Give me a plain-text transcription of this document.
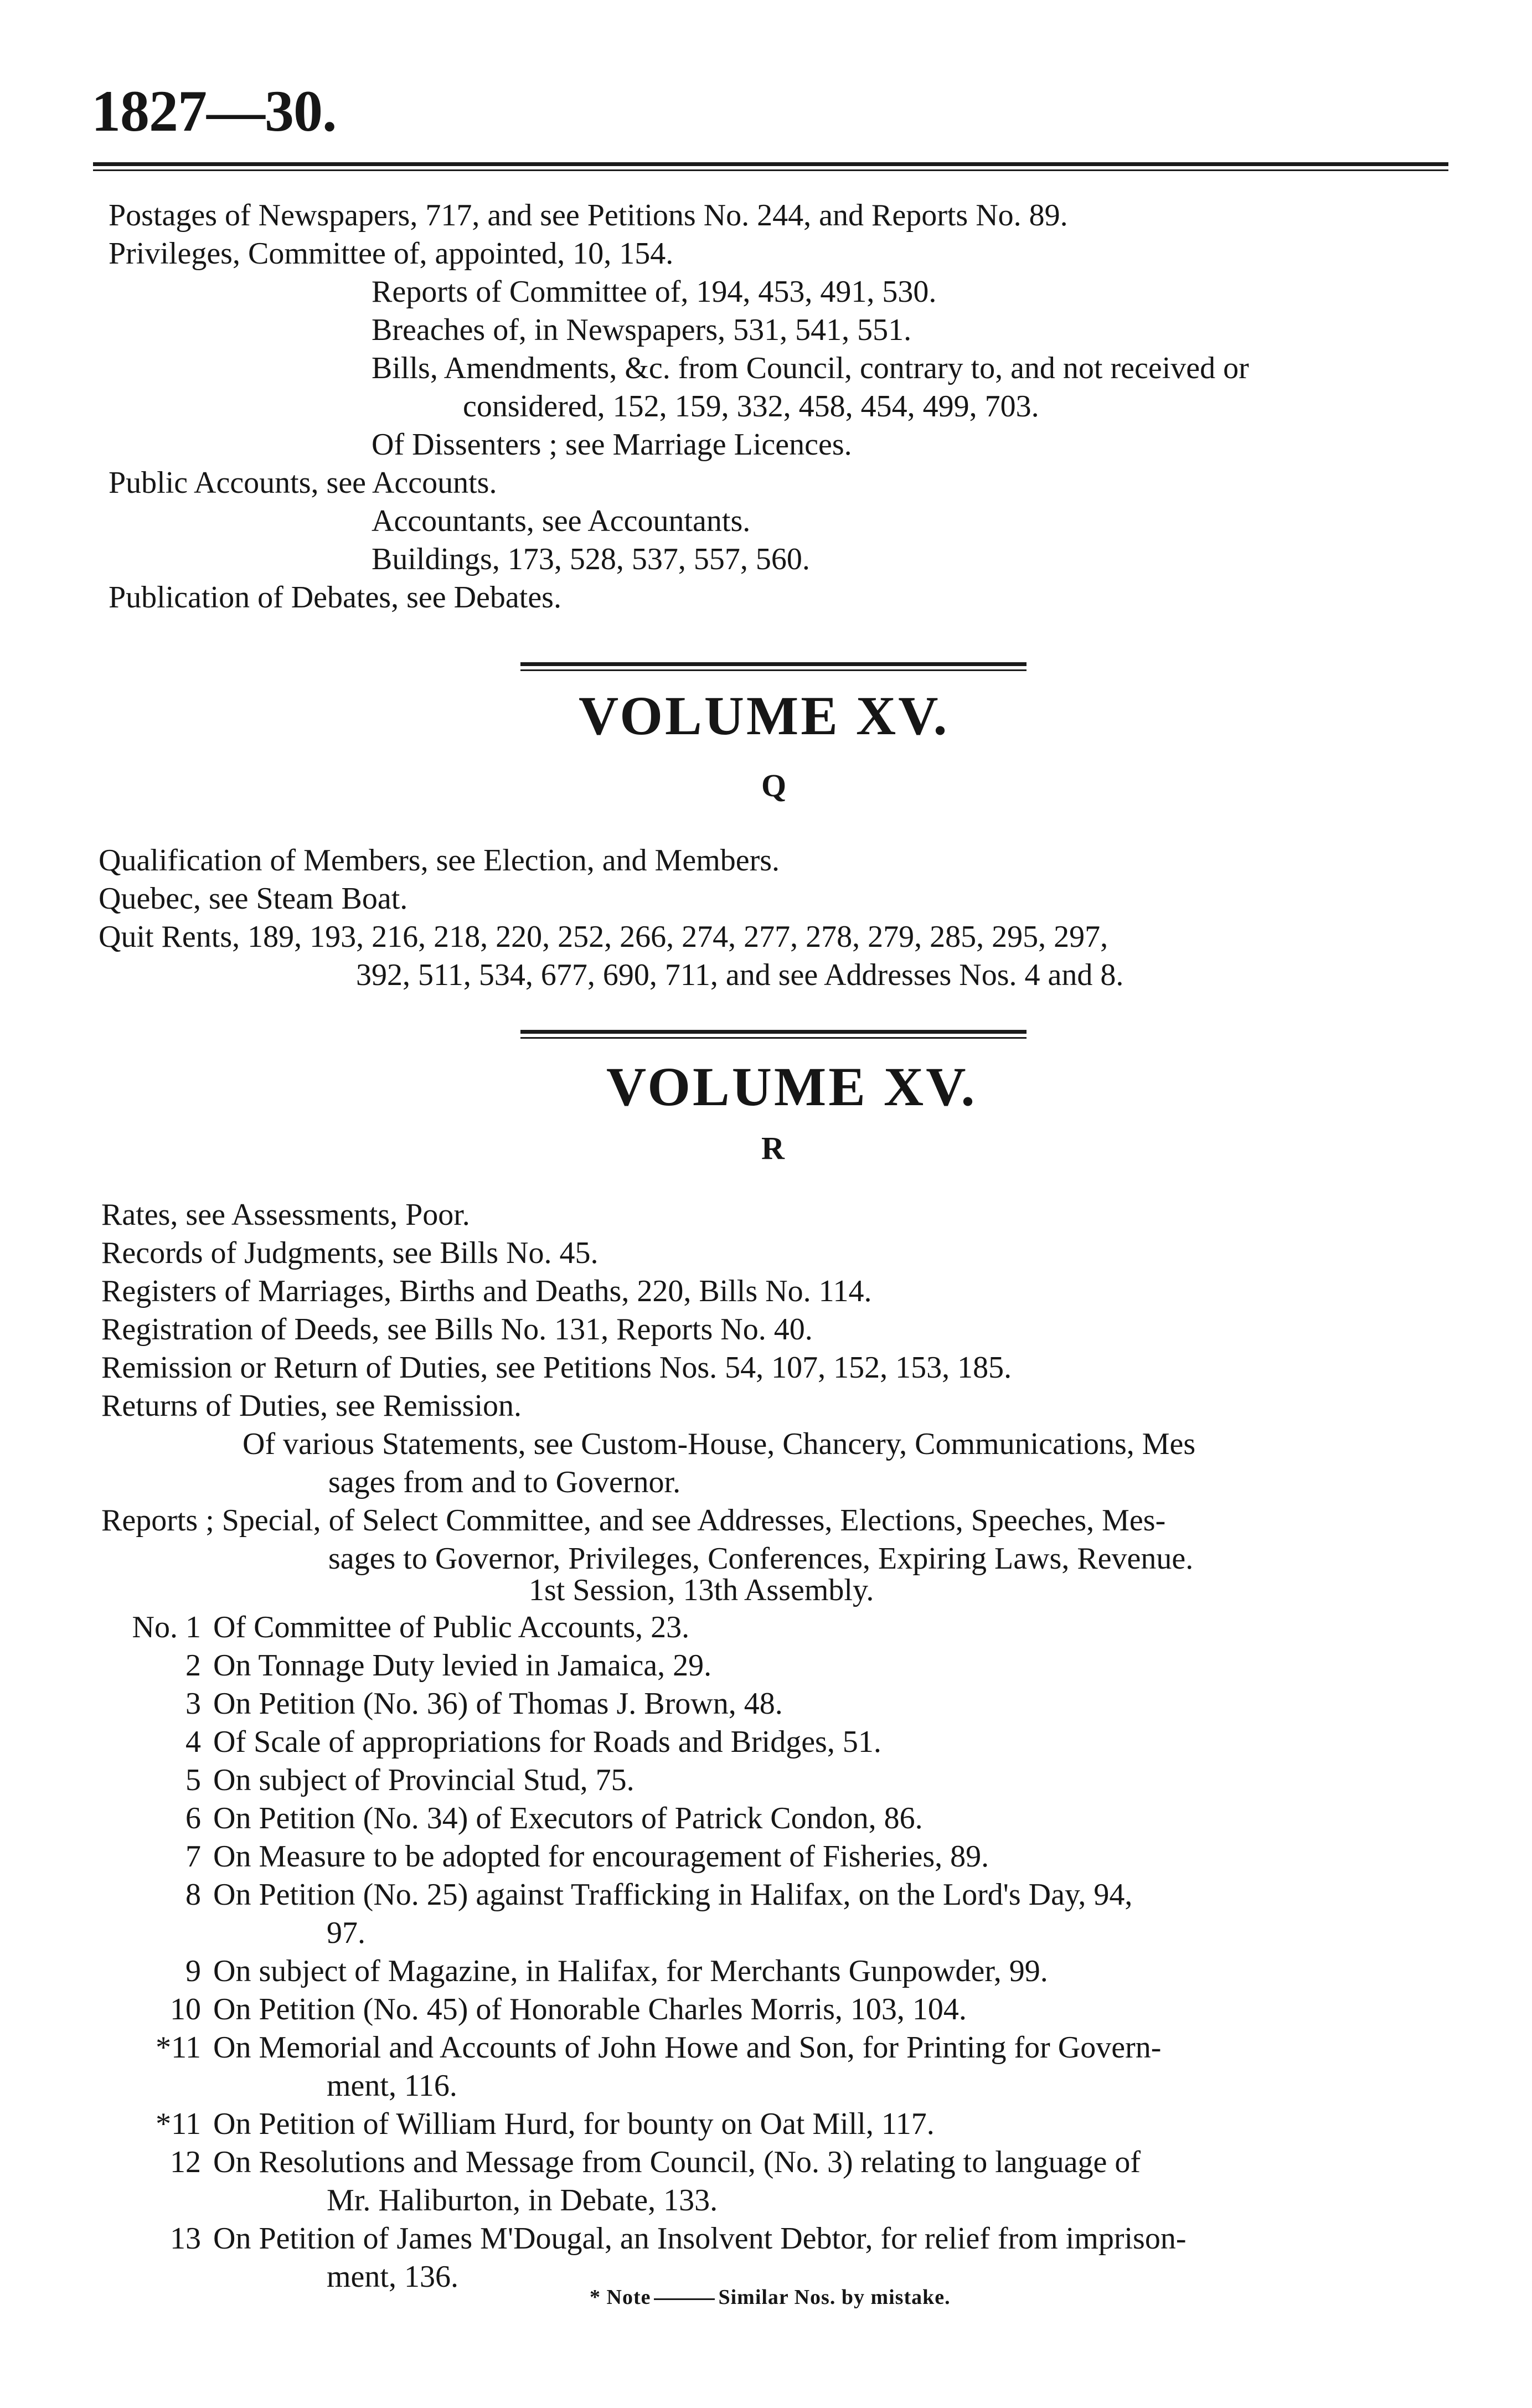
1827—30.
Postages of Newspapers, 717, and see Petitions No. 244, and Reports No. 89.
Privileges, Committee of, appointed, 10, 154.
Reports of Committee of, 194, 453, 491, 530.
Breaches of, in Newspapers, 531, 541, 551.
Bills, Amendments, &c. from Council, contrary to, and not received or
considered, 152, 159, 332, 458, 454, 499, 703.
Of Dissenters ; see Marriage Licences.
Public Accounts, see Accounts.
Accountants, see Accountants.
Buildings, 173, 528, 537, 557, 560.
Publication of Debates, see Debates.
VOLUME XV.
Q
Qualification of Members, see Election, and Members.
Quebec, see Steam Boat.
Quit Rents, 189, 193, 216, 218, 220, 252, 266, 274, 277, 278, 279, 285, 295, 297,
392, 511, 534, 677, 690, 711, and see Addresses Nos. 4 and 8.
VOLUME XV.
R
Rates, see Assessments, Poor.
Records of Judgments, see Bills No. 45.
Registers of Marriages, Births and Deaths, 220, Bills No. 114.
Registration of Deeds, see Bills No. 131, Reports No. 40.
Remission or Return of Duties, see Petitions Nos. 54, 107, 152, 153, 185.
Returns of Duties, see Remission.
Of various Statements, see Custom-House, Chancery, Communications, Mes
sages from and to Governor.
Reports ; Special, of Select Committee, and see Addresses, Elections, Speeches, Mes-
sages to Governor, Privileges, Conferences, Expiring Laws, Revenue.
1st Session, 13th Assembly.
No. 1 Of Committee of Public Accounts, 23.
2 On Tonnage Duty levied in Jamaica, 29.
3 On Petition (No. 36) of Thomas J. Brown, 48.
4 Of Scale of appropriations for Roads and Bridges, 51.
5 On subject of Provincial Stud, 75.
6 On Petition (No. 34) of Executors of Patrick Condon, 86.
7 On Measure to be adopted for encouragement of Fisheries, 89.
8 On Petition (No. 25) against Trafficking in Halifax, on the Lord's Day, 94,
97.
9 On subject of Magazine, in Halifax, for Merchants Gunpowder, 99.
10 On Petition (No. 45) of Honorable Charles Morris, 103, 104.
*11 On Memorial and Accounts of John Howe and Son, for Printing for Govern-
ment, 116.
*11 On Petition of William Hurd, for bounty on Oat Mill, 117.
12 On Resolutions and Message from Council, (No. 3) relating to language of
Mr. Haliburton, in Debate, 133.
13 On Petition of James M'Dougal, an Insolvent Debtor, for relief from imprison-
ment, 136.
* Note	Similar Nos. by mistake.
